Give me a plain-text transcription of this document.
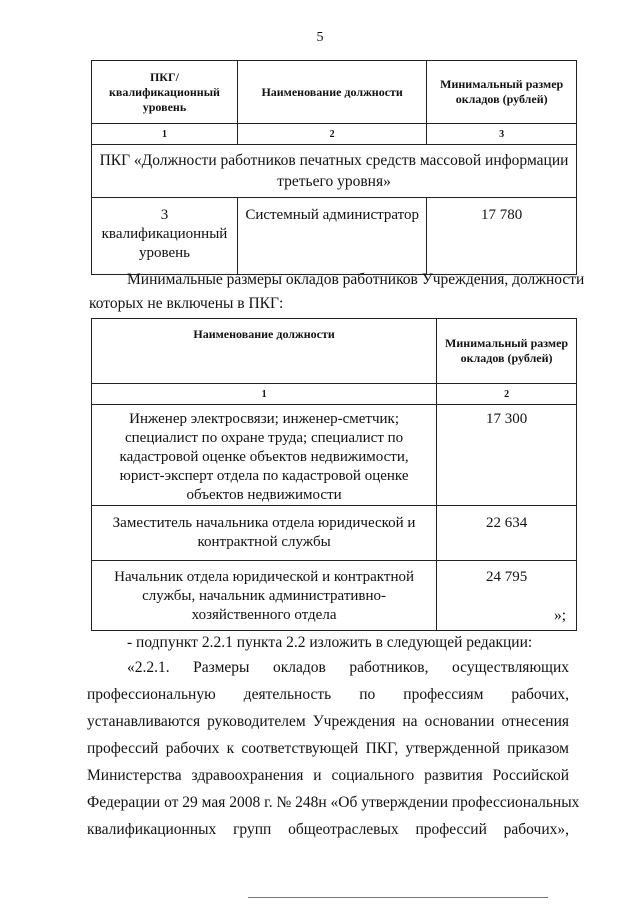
5
ПКГ/ квалификационный уровень	Наименование должности	Минимальный размер окладов (рублей)
1	2	3
ПКГ «Должности работников печатных средств массовой информации третьего уровня»		
3 квалификационный уровень	Системный администратор	17 780
Минимальные размеры окладов работников Учреждения, должности
которых не включены в ПКГ:
Наименование должности	Минимальный размер окладов (рублей)
1	2
Инженер электросвязи; инженер-сметчик; специалист по охране труда; специалист по кадастровой оценке объектов недвижимости, юрист-эксперт отдела по кадастровой оценке объектов недвижимости	17 300
Заместитель начальника отдела юридической и контрактной службы	22 634
Начальник отдела юридической и контрактной службы, начальник административно-хозяйственного отдела	24 795
»;
- подпункт 2.2.1 пункта 2.2 изложить в следующей редакции:
«2.2.1. Размеры окладов работников, осуществляющих
профессиональную деятельность по профессиям рабочих,
устанавливаются руководителем Учреждения на основании отнесения
профессий рабочих к соответствующей ПКГ, утвержденной приказом
Министерства здравоохранения и социального развития Российской
Федерации от 29 мая 2008 г. № 248н «Об утверждении профессиональных
квалификационных групп общеотраслевых профессий рабочих»,
